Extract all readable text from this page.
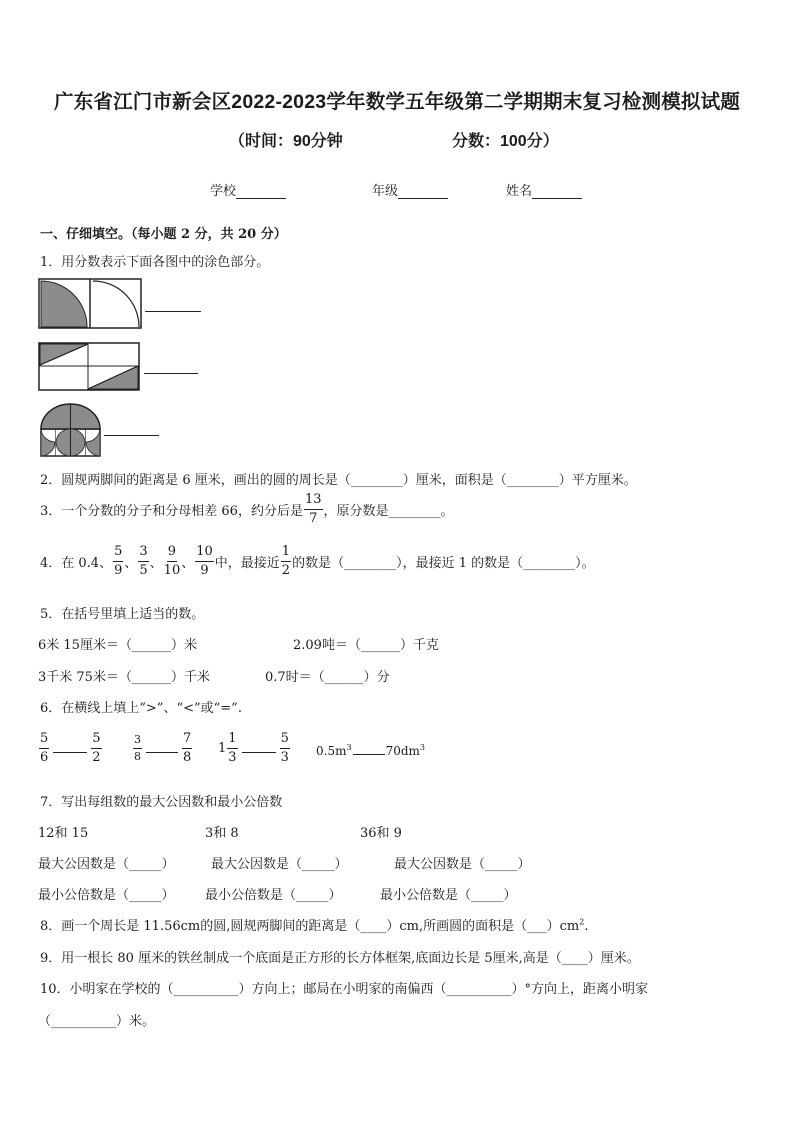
广东省江门市新会区2022-2023学年数学五年级第二学期期末复习检测模拟试题
（时间：90分钟	分数：100分）
学校	年级	姓名
一、仔细填空。（每小题 2 分，共 20 分）
1．用分数表示下面各图中的涂色部分。
2．圆规两脚间的距离是 6 厘米，画出的圆的周长是（________）厘米，面积是（________）平方厘米。
3．一个分数的分子和分母相差 66，约分后是 $\frac{13}{7}$ ，原分数是________。
4．在 0.4、 $\frac{5}{9}$ 、 $\frac{3}{5}$ 、 $\frac{9}{10}$ 、 $\frac{10}{9}$ 中，最接近 $\frac{1}{2}$ 的数是（________），最接近 1 的数是（________）。
5．在括号里填上适当的数。
6米 15厘米＝（______）米	2.09吨＝（______）千克
3千米 75米＝（______）千米	0.7时＝（______）分
6．在横线上填上“>”、“<”或“=”.
$\frac{5}{6}$	$\frac{5}{2}$	$\frac{3}{8}$	$\frac{7}{8} 1 \frac{1}{3}$	$\frac{5}{3} 0.5m^3$	$70dm^3$
7．写出每组数的最大公因数和最小公倍数
12和 15	3和 8	36和 9
最大公因数是（_____）	最大公因数是（_____）	最大公因数是（_____）
最小公倍数是（_____） 最小公倍数是（_____）	最小公倍数是（_____）
8．画一个周长是 11.56cm的圆,圆规两脚间的距离是（____）cm,所画圆的面积是$(\_\_\_)cm^2$.
9．用一根长 80 厘米的铁丝制成一个底面是正方形的长方体框架,底面边长是 5厘米,高是（____）厘米。
10．小明家在学校的（__________）方向上；邮局在小明家的南偏西（__________）°方向上，距离小明家
（__________）米。
